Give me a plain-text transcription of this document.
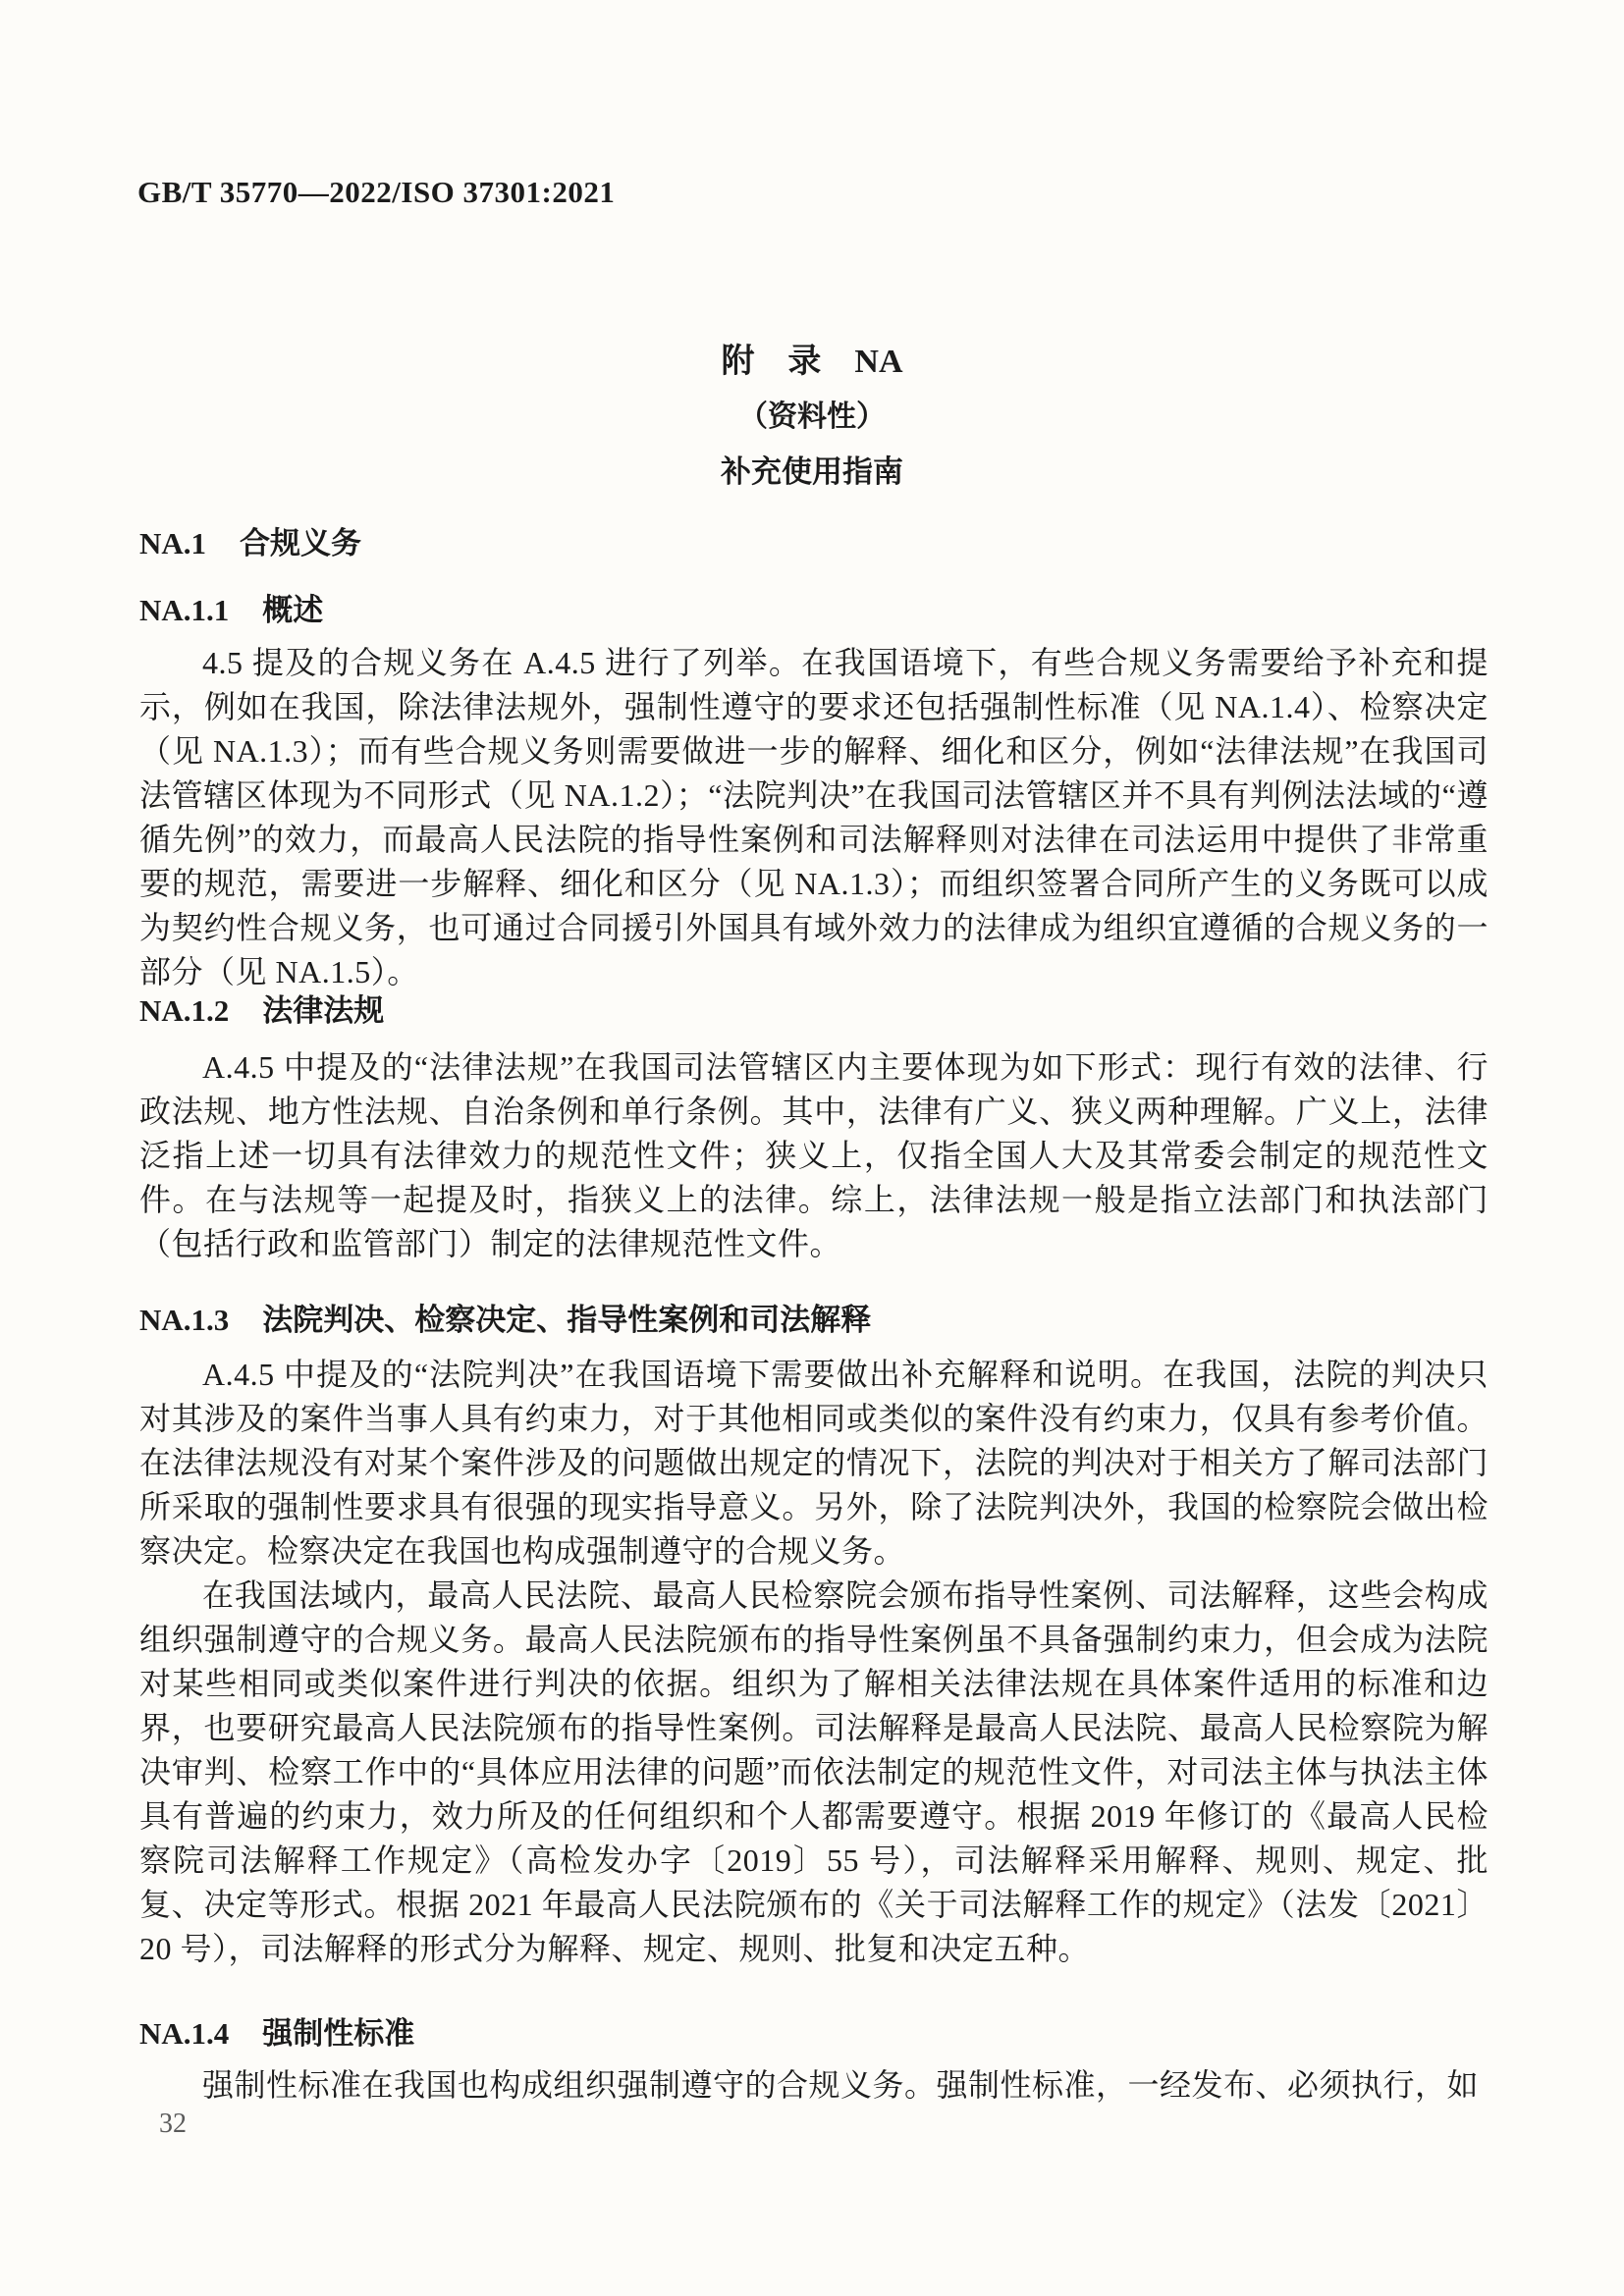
GB/T 35770—2022/ISO 37301:2021
附　录　NA
（资料性）
补充使用指南
NA.1 合规义务
NA.1.1 概述

4.5 提及的合规义务在 A.4.5 进行了列举。在我国语境下，有些合规义务需要给予补充和提示，例如在我国，除法律法规外，强制性遵守的要求还包括强制性标准（见 NA.1.4）、检察决定（见 NA.1.3）；而有些合规义务则需要做进一步的解释、细化和区分，例如“法律法规”在我国司法管辖区体现为不同形式（见 NA.1.2）；“法院判决”在我国司法管辖区并不具有判例法法域的“遵循先例”的效力，而最高人民法院的指导性案例和司法解释则对法律在司法运用中提供了非常重要的规范，需要进一步解释、细化和区分（见 NA.1.3）；而组织签署合同所产生的义务既可以成为契约性合规义务，也可通过合同援引外国具有域外效力的法律成为组织宜遵循的合规义务的一部分（见 NA.1.5）。

NA.1.2 法律法规

A.4.5 中提及的“法律法规”在我国司法管辖区内主要体现为如下形式：现行有效的法律、行政法规、地方性法规、自治条例和单行条例。其中，法律有广义、狭义两种理解。广义上，法律泛指上述一切具有法律效力的规范性文件；狭义上，仅指全国人大及其常委会制定的规范性文件。在与法规等一起提及时，指狭义上的法律。综上，法律法规一般是指立法部门和执法部门（包括行政和监管部门）制定的法律规范性文件。

NA.1.3 法院判决、检察决定、指导性案例和司法解释

A.4.5 中提及的“法院判决”在我国语境下需要做出补充解释和说明。在我国，法院的判决只对其涉及的案件当事人具有约束力，对于其他相同或类似的案件没有约束力，仅具有参考价值。在法律法规没有对某个案件涉及的问题做出规定的情况下，法院的判决对于相关方了解司法部门所采取的强制性要求具有很强的现实指导意义。另外，除了法院判决外，我国的检察院会做出检察决定。检察决定在我国也构成强制遵守的合规义务。

在我国法域内，最高人民法院、最高人民检察院会颁布指导性案例、司法解释，这些会构成组织强制遵守的合规义务。最高人民法院颁布的指导性案例虽不具备强制约束力，但会成为法院对某些相同或类似案件进行判决的依据。组织为了解相关法律法规在具体案件适用的标准和边界，也要研究最高人民法院颁布的指导性案例。司法解释是最高人民法院、最高人民检察院为解决审判、检察工作中的“具体应用法律的问题”而依法制定的规范性文件，对司法主体与执法主体具有普遍的约束力，效力所及的任何组织和个人都需要遵守。根据 2019 年修订的《最高人民检察院司法解释工作规定》（高检发办字〔2019〕55 号），司法解释采用解释、规则、规定、批复、决定等形式。根据 2021 年最高人民法院颁布的《关于司法解释工作的规定》（法发〔2021〕20 号），司法解释的形式分为解释、规定、规则、批复和决定五种。

NA.1.4 强制性标准

强制性标准在我国也构成组织强制遵守的合规义务。强制性标准，一经发布、必须执行，如

32
